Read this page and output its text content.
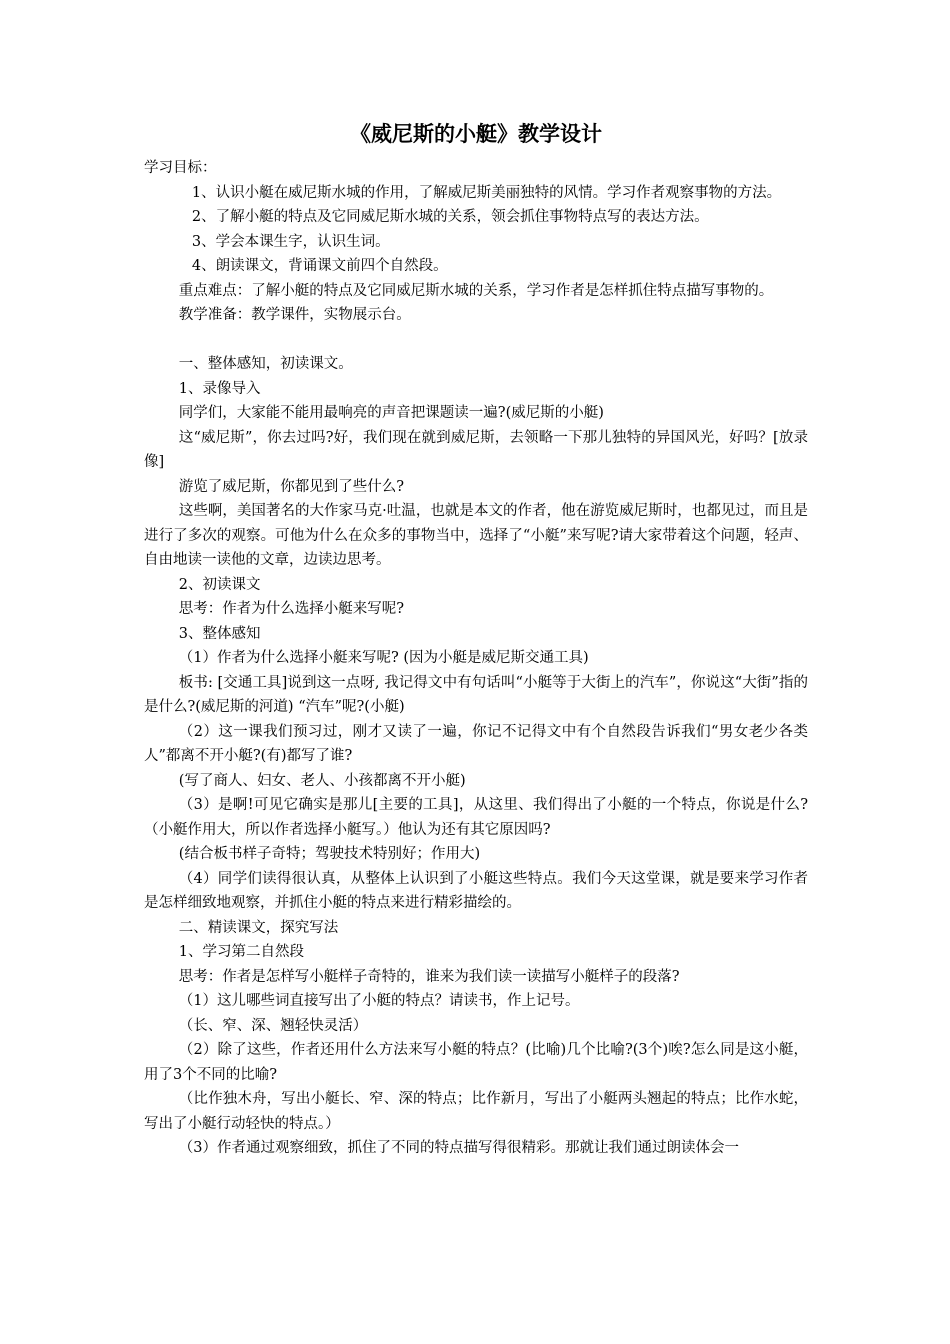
《威尼斯的小艇》教学设计

学习目标：

1、认识小艇在威尼斯水城的作用，了解威尼斯美丽独特的风情。学习作者观察事物的方法。

2、了解小艇的特点及它同威尼斯水城的关系，领会抓住事物特点写的表达方法。

3、学会本课生字，认识生词。

4、朗读课文，背诵课文前四个自然段。

重点难点：了解小艇的特点及它同威尼斯水城的关系，学习作者是怎样抓住特点描写事物的。

教学准备：教学课件，实物展示台。

一、整体感知，初读课文。

1、录像导入

同学们，大家能不能用最响亮的声音把课题读一遍?(威尼斯的小艇)

这“威尼斯”，你去过吗?好，我们现在就到威尼斯，去领略一下那儿独特的异国风光，好吗？[放录像]

游览了威尼斯，你都见到了些什么?

这些啊，美国著名的大作家马克·吐温，也就是本文的作者，他在游览威尼斯时，也都见过，而且是进行了多次的观察。可他为什么在众多的事物当中，选择了“小艇”来写呢?请大家带着这个问题，轻声、自由地读一读他的文章，边读边思考。

2、初读课文

思考：作者为什么选择小艇来写呢?

3、整体感知

（1）作者为什么选择小艇来写呢? (因为小艇是威尼斯交通工具)

板书: [交通工具]说到这一点呀, 我记得文中有句话叫“小艇等于大街上的汽车”，你说这“大街”指的是什么?(威尼斯的河道) “汽车”呢?(小艇)

（2）这一课我们预习过，刚才又读了一遍，你记不记得文中有个自然段告诉我们“男女老少各类人”都离不开小艇?(有)都写了谁?

(写了商人、妇女、老人、小孩都离不开小艇)

（3）是啊!可见它确实是那儿[主要的工具]，从这里、我们得出了小艇的一个特点，你说是什么?（小艇作用大，所以作者选择小艇写。）他认为还有其它原因吗?

(结合板书样子奇特；驾驶技术特别好；作用大)

（4）同学们读得很认真，从整体上认识到了小艇这些特点。我们今天这堂课，就是要来学习作者是怎样细致地观察，并抓住小艇的特点来进行精彩描绘的。

二、精读课文，探究写法

1、学习第二自然段

思考：作者是怎样写小艇样子奇特的，谁来为我们读一读描写小艇样子的段落?

（1）这儿哪些词直接写出了小艇的特点？请读书，作上记号。

（长、窄、深、翘轻快灵活）

（2）除了这些，作者还用什么方法来写小艇的特点？(比喻)几个比喻?(3个)唉?怎么同是这小艇，用了3个不同的比喻?

（比作独木舟，写出小艇长、窄、深的特点；比作新月，写出了小艇两头翘起的特点；比作水蛇，写出了小艇行动轻快的特点。）

（3）作者通过观察细致，抓住了不同的特点描写得很精彩。那就让我们通过朗读体会一
